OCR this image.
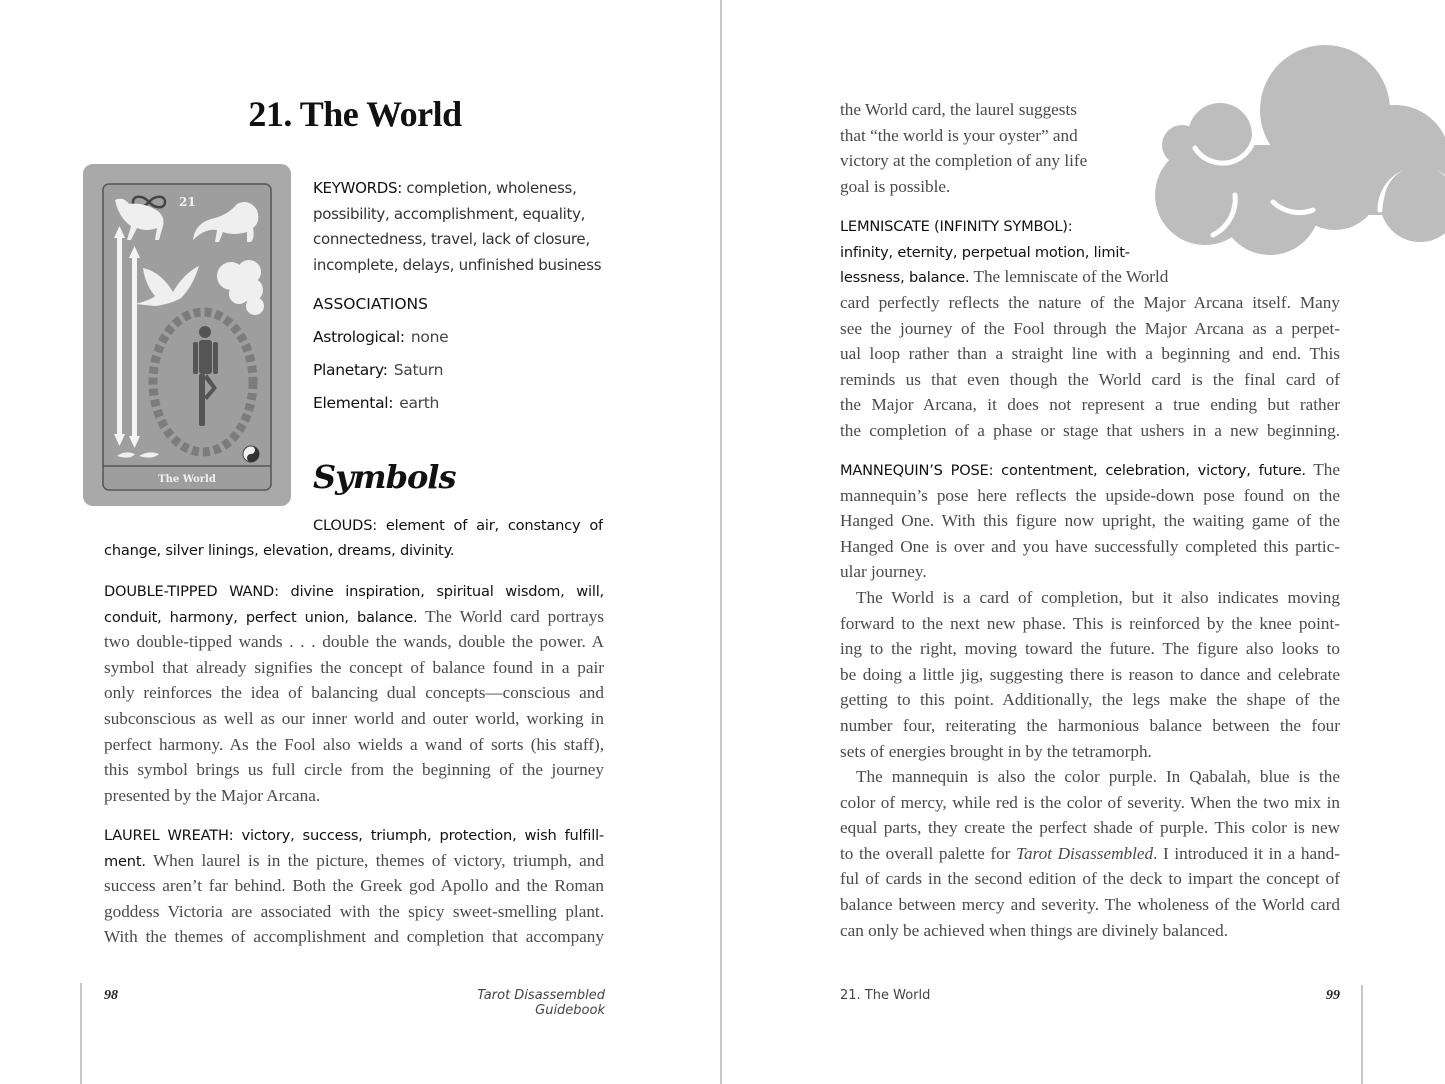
21. The World
21
The World
KEYWORDS: completion, wholeness,
possibility, accomplishment, equality,
connectedness, travel, lack of closure,
incomplete, delays, unfinished business
ASSOCIATIONS
Astrological: none
Planetary: Saturn
Elemental: earth
Symbols
CLOUDS: element of air, constancy of
change, silver linings, elevation, dreams, divinity.
DOUBLE-TIPPED WAND: divine inspiration, spiritual wisdom, will,
conduit, harmony, perfect union, balance. The World card portrays
two double-tipped wands . . . double the wands, double the power. A
symbol that already signifies the concept of balance found in a pair
only reinforces the idea of balancing dual concepts—conscious and
subconscious as well as our inner world and outer world, working in
perfect harmony. As the Fool also wields a wand of sorts (his staff),
this symbol brings us full circle from the beginning of the journey
presented by the Major Arcana.
LAUREL WREATH: victory, success, triumph, protection, wish fulfill-
ment. When laurel is in the picture, themes of victory, triumph, and
success aren’t far behind. Both the Greek god Apollo and the Roman
goddess Victoria are associated with the spicy sweet-smelling plant.
With the themes of accomplishment and completion that accompany
98	Tarot Disassembled Guidebook
the World card, the laurel suggests
that “the world is your oyster” and
victory at the completion of any life
goal is possible.
LEMNISCATE (INFINITY SYMBOL):
infinity, eternity, perpetual motion, limit-
lessness, balance. The lemniscate of the World
card perfectly reflects the nature of the Major Arcana itself. Many
see the journey of the Fool through the Major Arcana as a perpet-
ual loop rather than a straight line with a beginning and end. This
reminds us that even though the World card is the final card of
the Major Arcana, it does not represent a true ending but rather
the completion of a phase or stage that ushers in a new beginning.
MANNEQUIN’S POSE: contentment, celebration, victory, future. The
mannequin’s pose here reflects the upside-down pose found on the
Hanged One. With this figure now upright, the waiting game of the
Hanged One is over and you have successfully completed this partic-
ular journey.
The World is a card of completion, but it also indicates moving
forward to the next new phase. This is reinforced by the knee point-
ing to the right, moving toward the future. The figure also looks to
be doing a little jig, suggesting there is reason to dance and celebrate
getting to this point. Additionally, the legs make the shape of the
number four, reiterating the harmonious balance between the four
sets of energies brought in by the tetramorph.
The mannequin is also the color purple. In Qabalah, blue is the
color of mercy, while red is the color of severity. When the two mix in
equal parts, they create the perfect shade of purple. This color is new
to the overall palette for Tarot Disassembled. I introduced it in a hand-
ful of cards in the second edition of the deck to impart the concept of
balance between mercy and severity. The wholeness of the World card
can only be achieved when things are divinely balanced.
21. The World	99
